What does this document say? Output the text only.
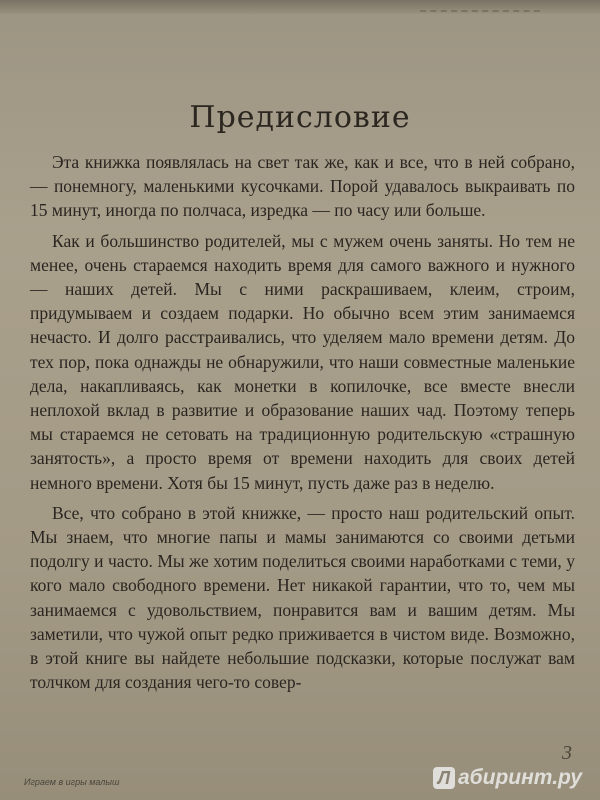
Предисловие

Эта книжка появлялась на свет так же, как и все, что в ней собрано, — понемногу, маленькими кусочками. Порой удавалось выкраивать по 15 минут, иногда по полчаса, изредка — по часу или больше.

Как и большинство родителей, мы с мужем очень заняты. Но тем не менее, очень стараемся находить время для самого важного и нужного — наших детей. Мы с ними раскрашиваем, клеим, строим, придумываем и создаем подарки. Но обычно всем этим занимаемся нечасто. И долго расстраивались, что уделяем мало времени детям. До тех пор, пока однажды не обнаружили, что наши совместные маленькие дела, накапливаясь, как монетки в копилочке, все вместе внесли неплохой вклад в развитие и образование наших чад. Поэтому теперь мы стараемся не сетовать на традиционную родительскую «страшную занятость», а просто время от времени находить для своих детей немного времени. Хотя бы 15 минут, пусть даже раз в неделю.

Все, что собрано в этой книжке, — просто наш родительский опыт. Мы знаем, что многие папы и мамы занимаются со своими детьми подолгу и часто. Мы же хотим поделиться своими наработками с теми, у кого мало свободного времени. Нет никакой гарантии, что то, чем мы занимаемся с удовольствием, понравится вам и вашим детям. Мы заметили, что чужой опыт редко приживается в чистом виде. Возможно, в этой книге вы найдете небольшие подсказки, которые послужат вам толчком для создания чего-то совер-

3
Играем в игры малыш	Л абиринт.ру
